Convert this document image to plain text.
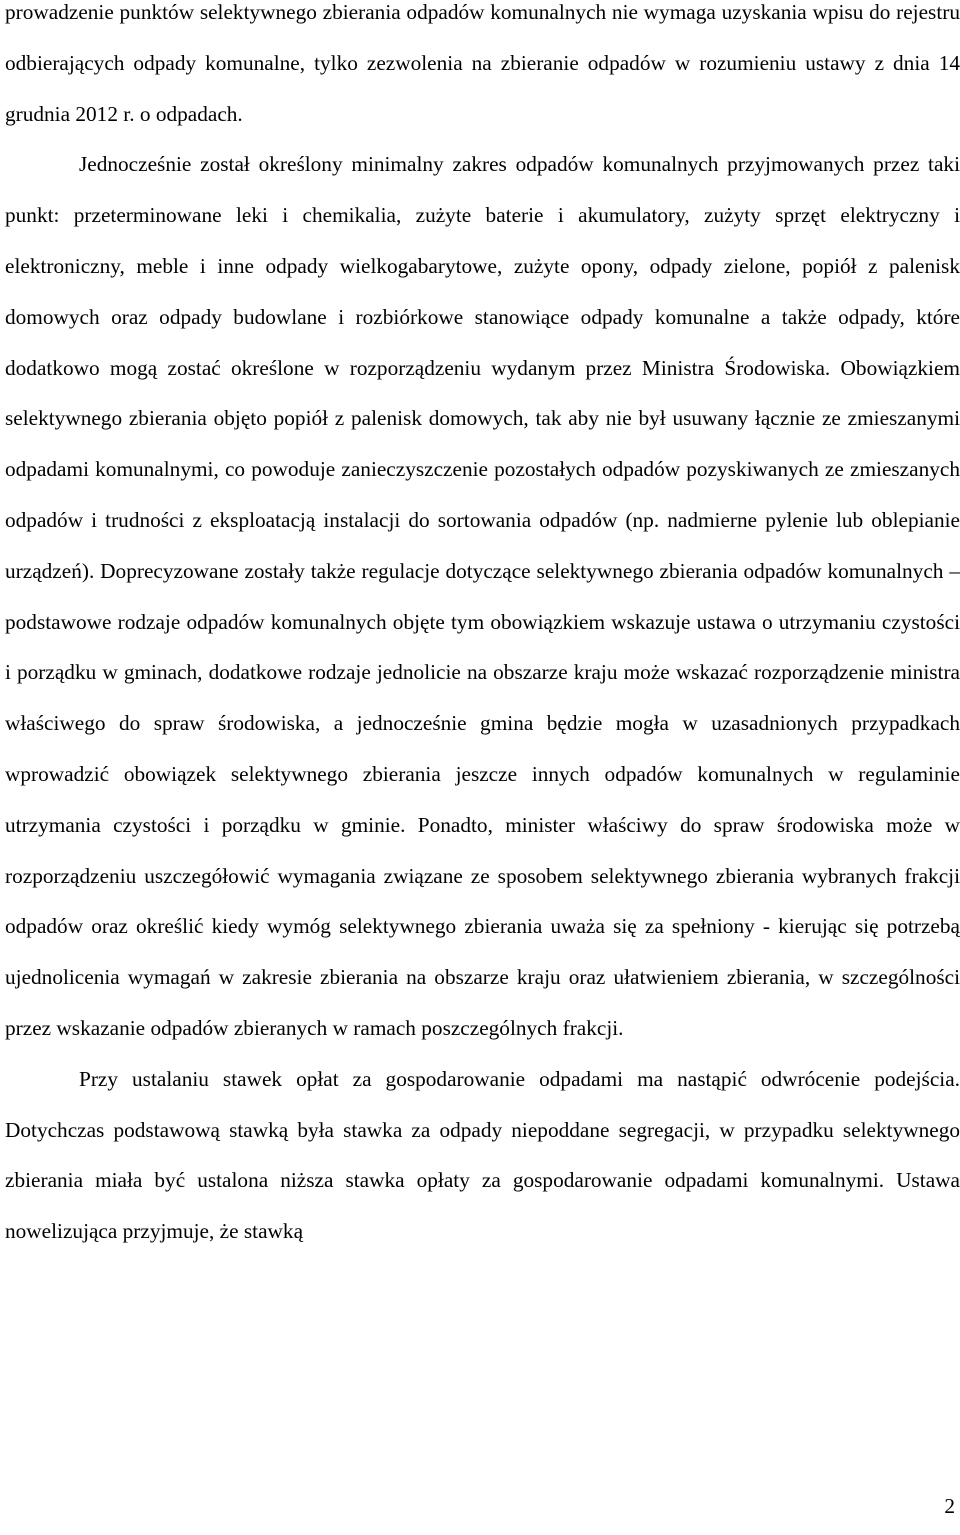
prowadzenie punktów selektywnego zbierania odpadów komunalnych nie wymaga uzyskania wpisu do rejestru odbierających odpady komunalne, tylko zezwolenia na zbieranie odpadów w rozumieniu ustawy z dnia 14 grudnia 2012 r. o odpadach.

Jednocześnie został określony minimalny zakres odpadów komunalnych przyjmowanych przez taki punkt: przeterminowane leki i chemikalia, zużyte baterie i akumulatory, zużyty sprzęt elektryczny i elektroniczny, meble i inne odpady wielkogabarytowe, zużyte opony, odpady zielone, popiół z palenisk domowych oraz odpady budowlane i rozbiórkowe stanowiące odpady komunalne a także odpady, które dodatkowo mogą zostać określone w rozporządzeniu wydanym przez Ministra Środowiska. Obowiązkiem selektywnego zbierania objęto popiół z palenisk domowych, tak aby nie był usuwany łącznie ze zmieszanymi odpadami komunalnymi, co powoduje zanieczyszczenie pozostałych odpadów pozyskiwanych ze zmieszanych odpadów i trudności z eksploatacją instalacji do sortowania odpadów (np. nadmierne pylenie lub oblepianie urządzeń). Doprecyzowane zostały także regulacje dotyczące selektywnego zbierania odpadów komunalnych – podstawowe rodzaje odpadów komunalnych objęte tym obowiązkiem wskazuje ustawa o utrzymaniu czystości i porządku w gminach, dodatkowe rodzaje jednolicie na obszarze kraju może wskazać rozporządzenie ministra właściwego do spraw środowiska, a jednocześnie gmina będzie mogła w uzasadnionych przypadkach wprowadzić obowiązek selektywnego zbierania jeszcze innych odpadów komunalnych w regulaminie utrzymania czystości i porządku w gminie. Ponadto, minister właściwy do spraw środowiska może w rozporządzeniu uszczegółowić wymagania związane ze sposobem selektywnego zbierania wybranych frakcji odpadów oraz określić kiedy wymóg selektywnego zbierania uważa się za spełniony - kierując się potrzebą ujednolicenia wymagań w zakresie zbierania na obszarze kraju oraz ułatwieniem zbierania, w szczególności przez wskazanie odpadów zbieranych w ramach poszczególnych frakcji.

Przy ustalaniu stawek opłat za gospodarowanie odpadami ma nastąpić odwrócenie podejścia. Dotychczas podstawową stawką była stawka za odpady niepoddane segregacji, w przypadku selektywnego zbierania miała być ustalona niższa stawka opłaty za gospodarowanie odpadami komunalnymi. Ustawa nowelizująca przyjmuje, że stawką

2
